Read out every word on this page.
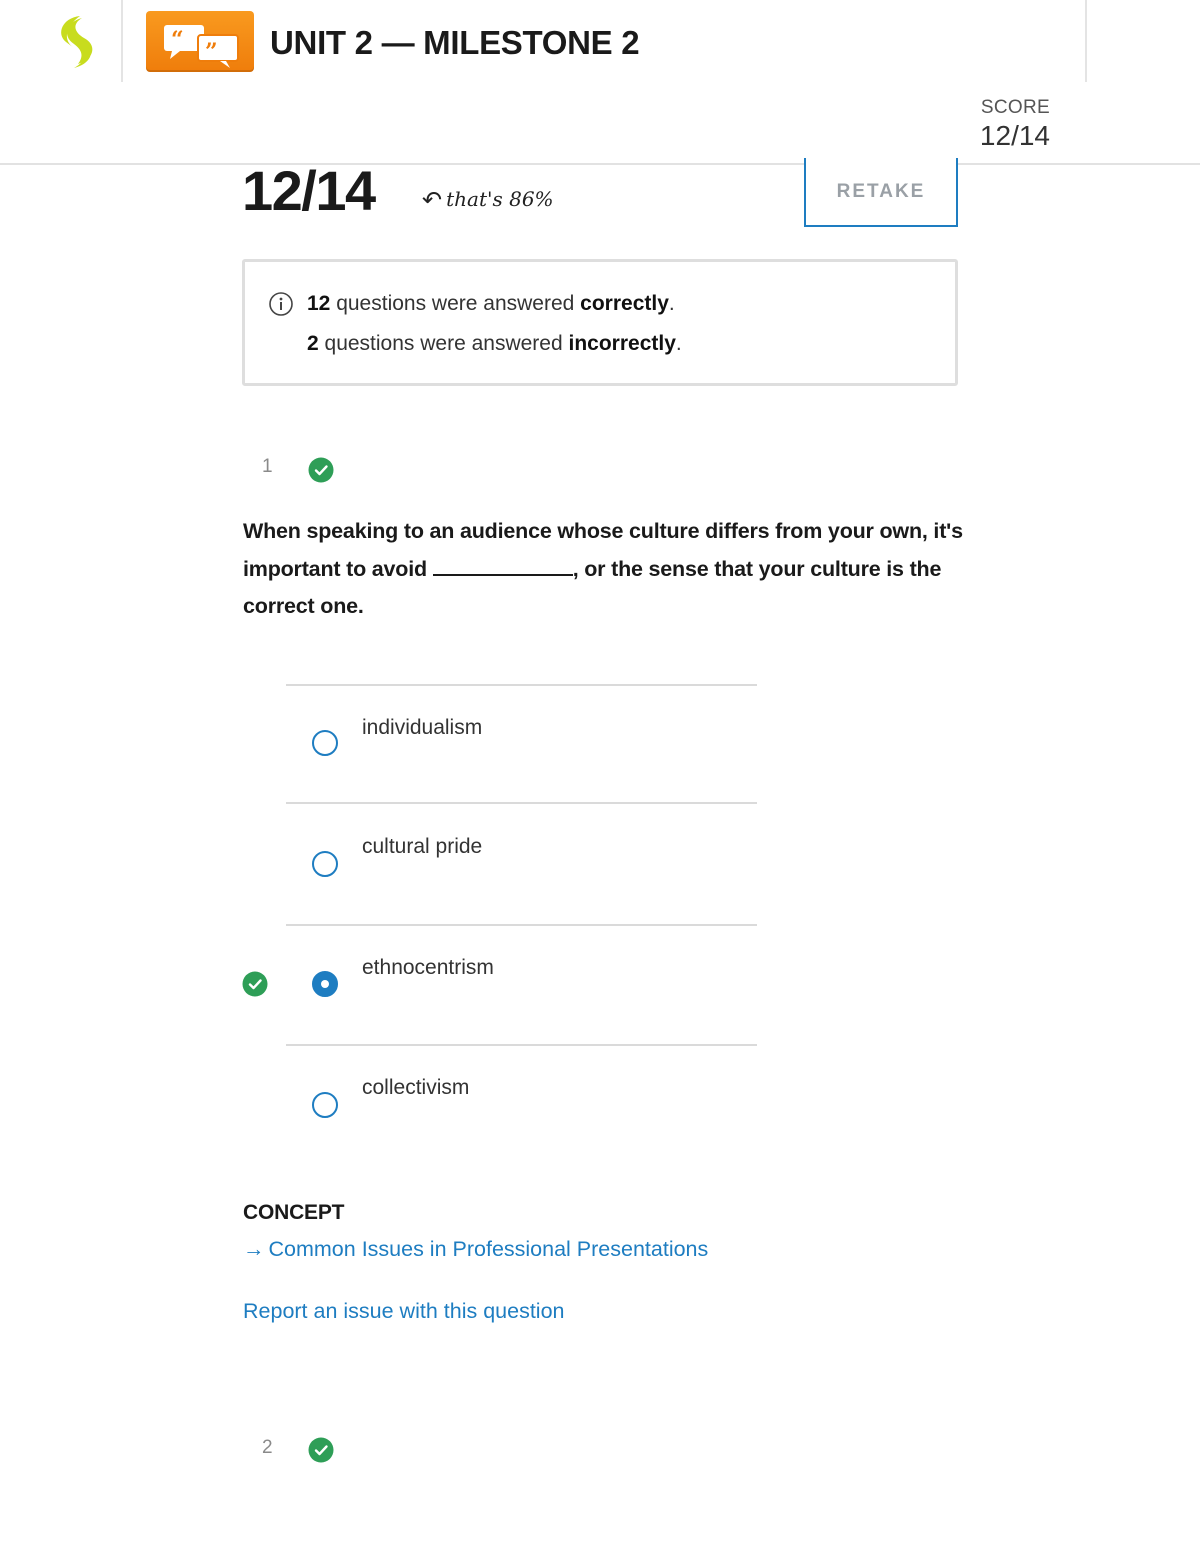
“ ” UNIT 2 — MILESTONE 2
SCORE
12/14
12/14 ↶ that's 86%	RETAKE
12 questions were answered correctly.
2 questions were answered incorrectly.
1
When speaking to an audience whose culture differs from your own, it's important to avoid	, or the sense that your culture is the correct one.
individualism
cultural pride
ethnocentrism
collectivism
CONCEPT
→ Common Issues in Professional Presentations
Report an issue with this question
2
